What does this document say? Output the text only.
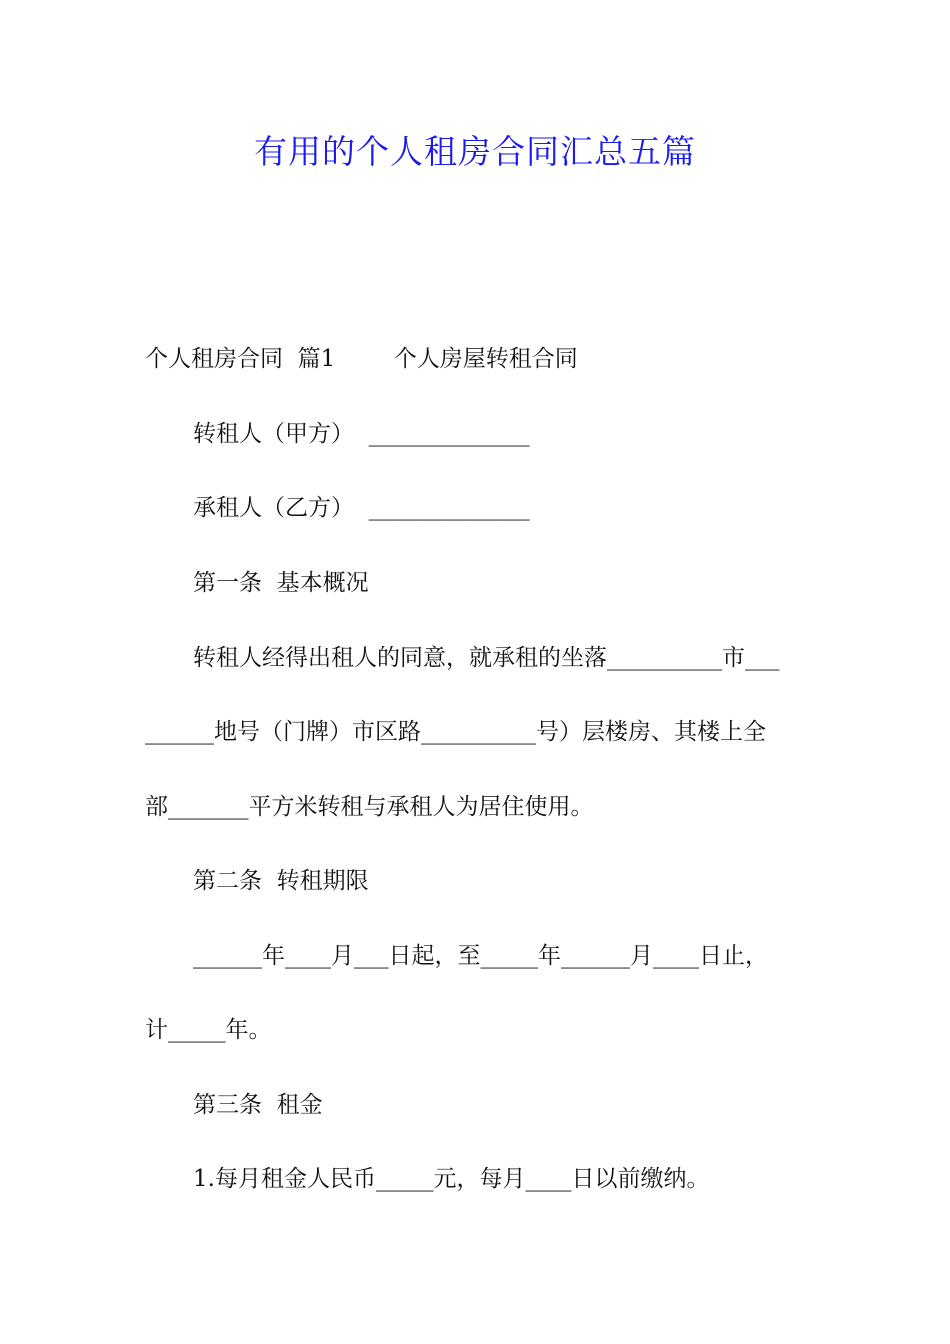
有用的个人租房合同汇总五篇
个人租房合同  篇1        个人房屋转租合同
转租人（甲方）  ______________
承租人（乙方）  ______________
第一条  基本概况
转租人经得出租人的同意，就承租的坐落__________市___
______地号（门牌）市区路__________号）层楼房、其楼上全
部_______平方米转租与承租人为居住使用。
第二条  转租期限
______年____月___日起，至_____年______月____日止，
计_____年。
第三条  租金
1.每月租金人民币_____元，每月____日以前缴纳。
